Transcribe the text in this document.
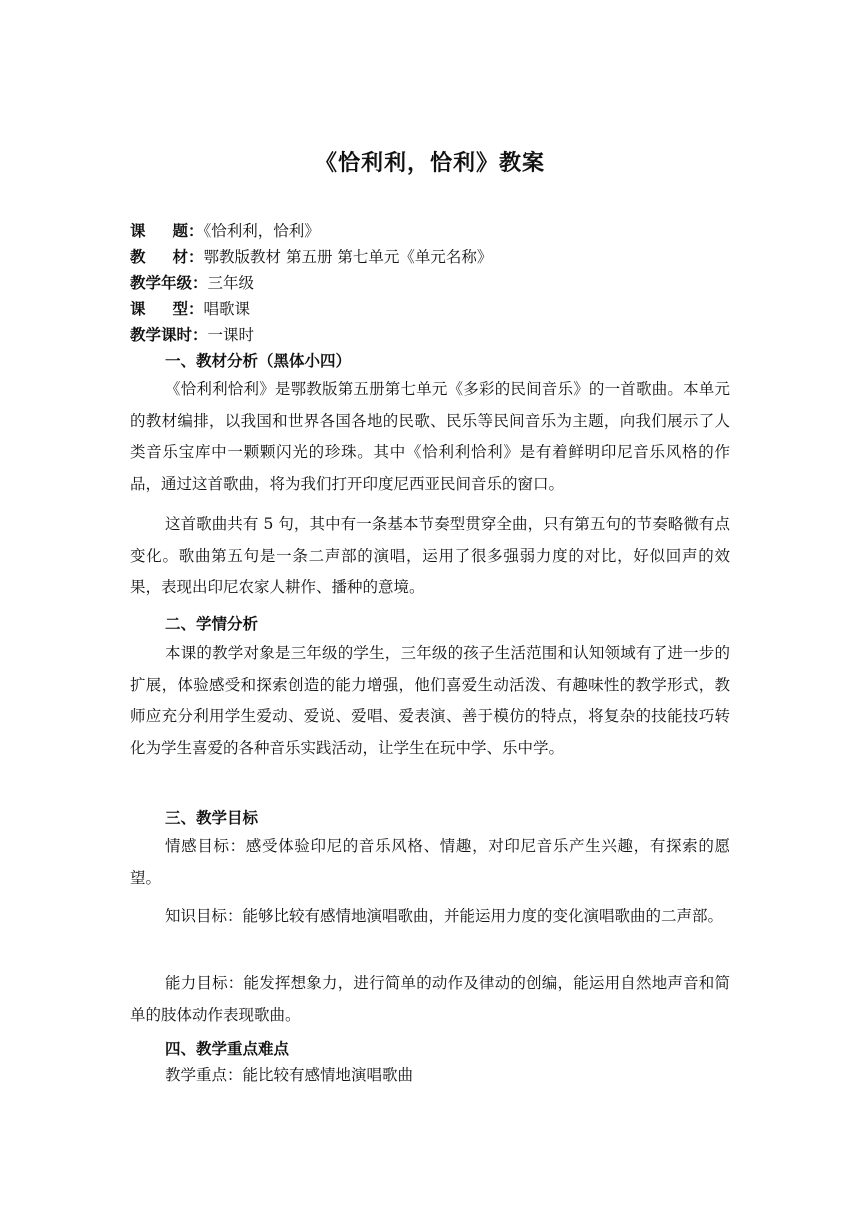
《恰利利，恰利》教案
课题：《恰利利，恰利》
教材：鄂教版教材 第五册 第七单元《单元名称》
教学年级：三年级
课型：唱歌课
教学课时：一课时
一、教材分析（黑体小四）
《恰利利恰利》是鄂教版第五册第七单元《多彩的民间音乐》的一首歌曲。本单元的教材编排，以我国和世界各国各地的民歌、民乐等民间音乐为主题，向我们展示了人类音乐宝库中一颗颗闪光的珍珠。其中《恰利利恰利》是有着鲜明印尼音乐风格的作品，通过这首歌曲，将为我们打开印度尼西亚民间音乐的窗口。
这首歌曲共有 5 句，其中有一条基本节奏型贯穿全曲，只有第五句的节奏略微有点变化。歌曲第五句是一条二声部的演唱，运用了很多强弱力度的对比，好似回声的效果，表现出印尼农家人耕作、播种的意境。
二、学情分析
本课的教学对象是三年级的学生，三年级的孩子生活范围和认知领域有了进一步的扩展，体验感受和探索创造的能力增强，他们喜爱生动活泼、有趣味性的教学形式，教师应充分利用学生爱动、爱说、爱唱、爱表演、善于模仿的特点，将复杂的技能技巧转化为学生喜爱的各种音乐实践活动，让学生在玩中学、乐中学。
三、教学目标
情感目标：感受体验印尼的音乐风格、情趣，对印尼音乐产生兴趣，有探索的愿望。
知识目标：能够比较有感情地演唱歌曲，并能运用力度的变化演唱歌曲的二声部。
能力目标：能发挥想象力，进行简单的动作及律动的创编，能运用自然地声音和简单的肢体动作表现歌曲。
四、教学重点难点
教学重点：能比较有感情地演唱歌曲
